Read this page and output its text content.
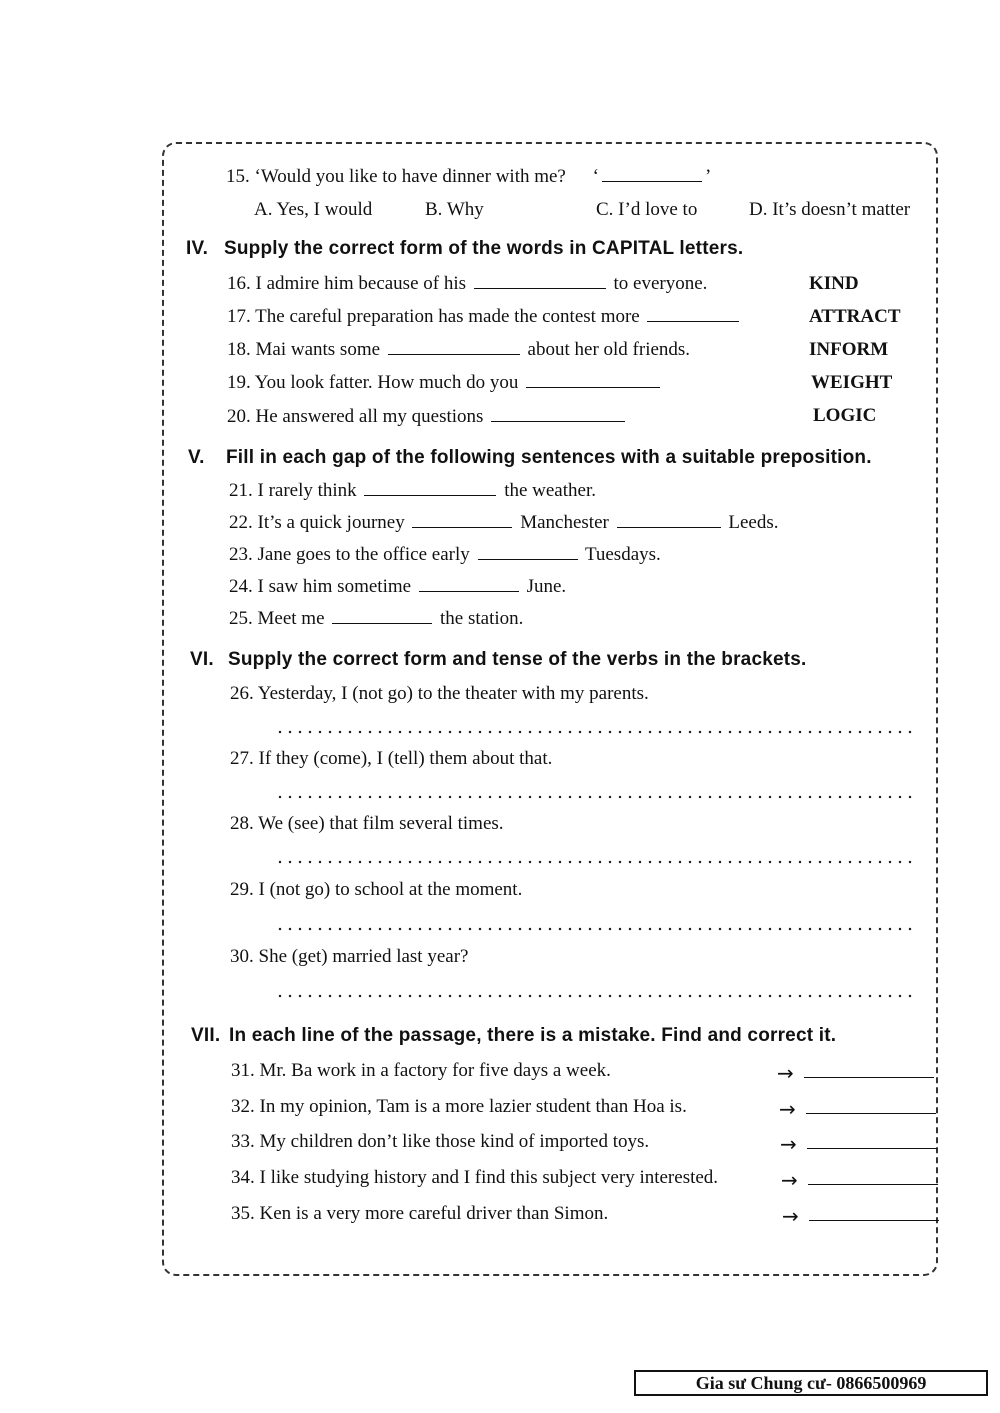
15. ‘Would you like to have dinner with me? ‘	’
A. Yes, I would	B. Why	C. I’d love to	D. It’s doesn’t matter
IV. Supply the correct form of the words in CAPITAL letters.
16. I admire him because of his	to everyone.	KIND
17. The careful preparation has made the contest more	ATTRACT
18. Mai wants some	about her old friends.	INFORM
19. You look fatter. How much do you	WEIGHT
20. He answered all my questions	LOGIC
V. Fill in each gap of the following sentences with a suitable preposition.
21. I rarely think	the weather.
22. It’s a quick journey	Manchester	Leeds.
23. Jane goes to the office early	Tuesdays.
24. I saw him sometime	June.
25. Meet me	the station.
VI. Supply the correct form and tense of the verbs in the brackets.
26. Yesterday, I (not go) to the theater with my parents.
27. If they (come), I (tell) them about that.
28. We (see) that film several times.
29. I (not go) to school at the moment.
30. She (get) married last year?
VII. In each line of the passage, there is a mistake. Find and correct it.
31. Mr. Ba work in a factory for five days a week.	→
32. In my opinion, Tam is a more lazier student than Hoa is.	→
33. My children don’t like those kind of imported toys.	→
34. I like studying history and I find this subject very interested.	→
35. Ken is a very more careful driver than Simon.	→
Gia sư Chung cư- 0866500969
